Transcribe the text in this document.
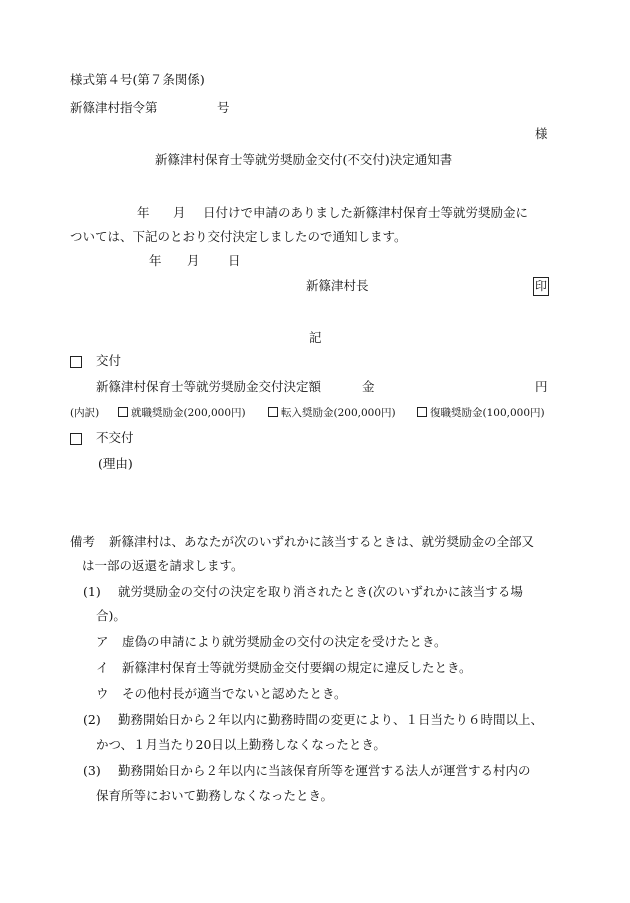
様式第４号(第７条関係)
新篠津村指令第	号
様
新篠津村保育士等就労奨励金交付(不交付)決定通知書
年 月 日付けで申請のありました新篠津村保育士等就労奨励金に
ついては、下記のとおり交付決定しましたので通知します。
年 月 日
新篠津村長	印
記
交付
新篠津村保育士等就労奨励金交付決定額	金	円
(内訳)	就職奨励金(200,000円)	転入奨励金(200,000円)	復職奨励金(100,000円)
不交付
(理由)
備考 新篠津村は、あなたが次のいずれかに該当するときは、就労奨励金の全部又
は一部の返還を請求します。
(1) 就労奨励金の交付の決定を取り消されたとき(次のいずれかに該当する場
合)。
ア 虚偽の申請により就労奨励金の交付の決定を受けたとき。
イ 新篠津村保育士等就労奨励金交付要綱の規定に違反したとき。
ウ その他村長が適当でないと認めたとき。
(2) 勤務開始日から２年以内に勤務時間の変更により、１日当たり６時間以上、
かつ、１月当たり20日以上勤務しなくなったとき。
(3) 勤務開始日から２年以内に当該保育所等を運営する法人が運営する村内の
保育所等において勤務しなくなったとき。
